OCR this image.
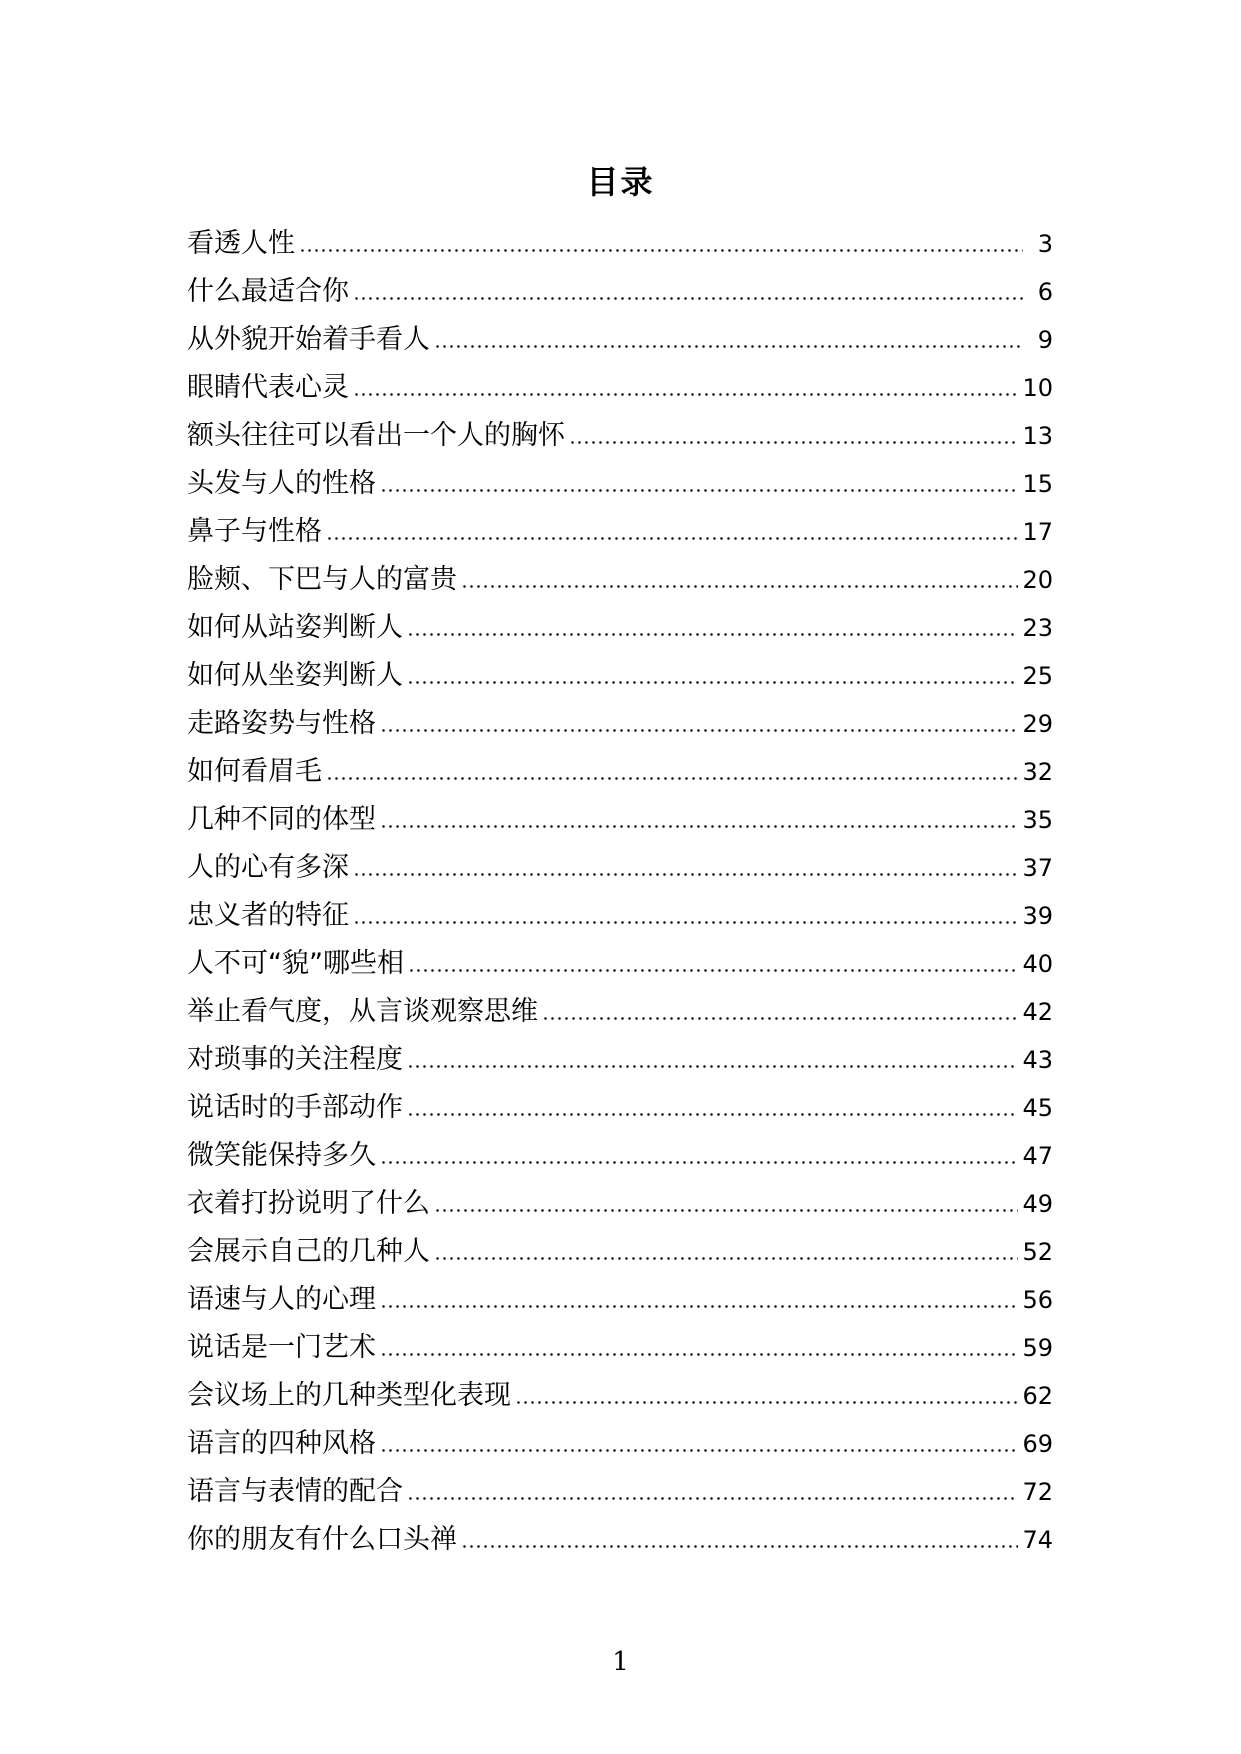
目录
看透人性	3
什么最适合你	6
从外貌开始着手看人	9
眼睛代表心灵	10
额头往往可以看出一个人的胸怀	13
头发与人的性格	15
鼻子与性格	17
脸颊、下巴与人的富贵	20
如何从站姿判断人	23
如何从坐姿判断人	25
走路姿势与性格	29
如何看眉毛	32
几种不同的体型	35
人的心有多深	37
忠义者的特征	39
人不可“貌”哪些相	40
举止看气度，从言谈观察思维	42
对琐事的关注程度	43
说话时的手部动作	45
微笑能保持多久	47
衣着打扮说明了什么	49
会展示自己的几种人	52
语速与人的心理	56
说话是一门艺术	59
会议场上的几种类型化表现	62
语言的四种风格	69
语言与表情的配合	72
你的朋友有什么口头禅	74
1
